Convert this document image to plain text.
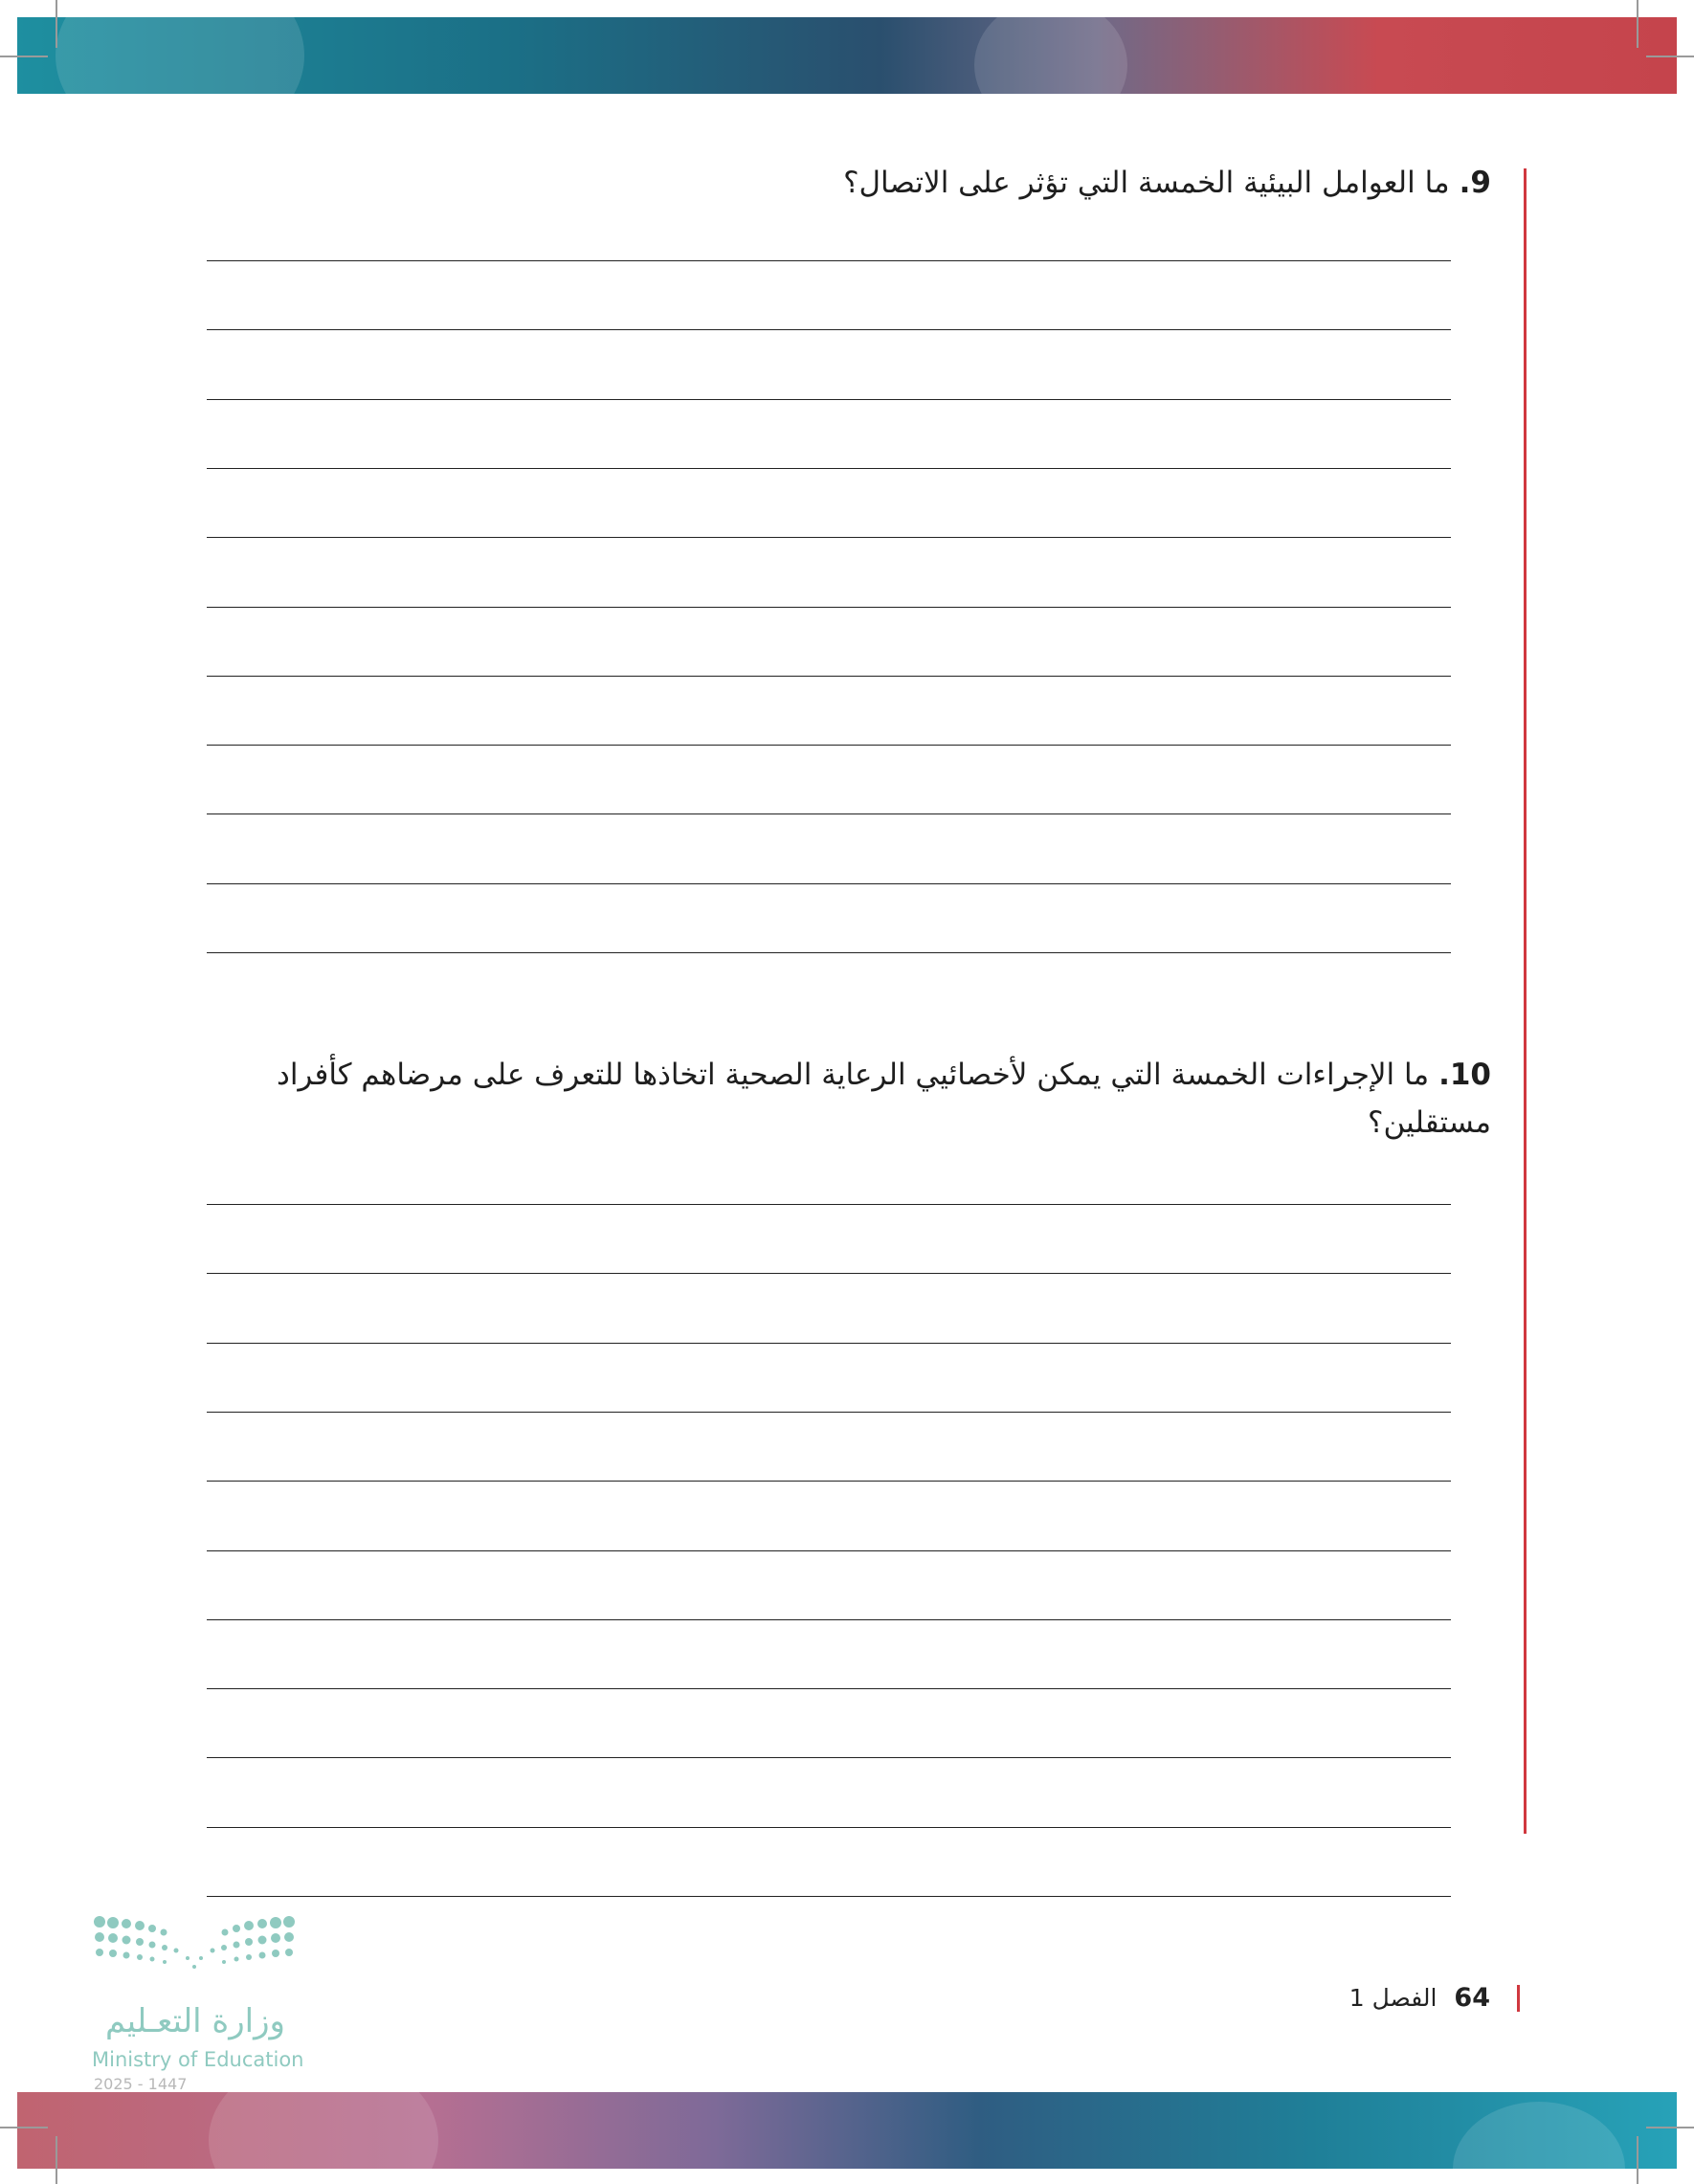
9.ما العوامل البيئية الخمسة التي تؤثر على الاتصال؟
10.ما الإجراءات الخمسة التي يمكن لأخصائيي الرعاية الصحية اتخاذها للتعرف على مرضاهم كأفراد مستقلين؟
64
الفصل 1
وزارة التعـليم
Ministry of Education
2025 - 1447
